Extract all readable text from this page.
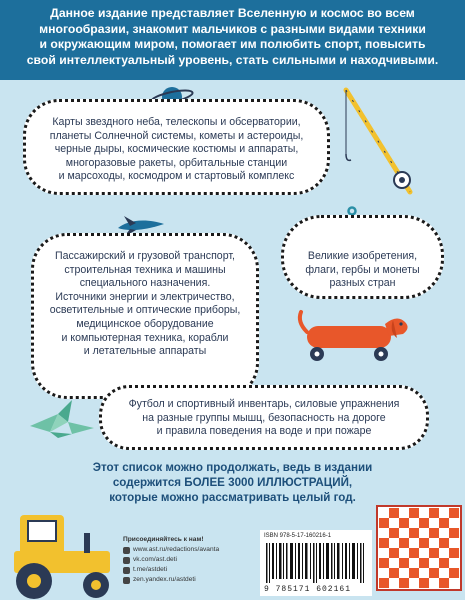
Данное издание представляет Вселенную и космос во всем
многообразии, знакомит мальчиков с разными видами техники
и окружающим миром, помогает им полюбить спорт, повысить
свой интеллектуальный уровень, стать сильными и находчивыми.
Карты звездного неба, телескопы и обсерватории,
планеты Солнечной системы, кометы и астероиды,
черные дыры, космические костюмы и аппараты,
многоразовые ракеты, орбитальные станции
и марсоходы, космодром и стартовый комплекс
Великие изобретения,
флаги, гербы и монеты
разных стран
Пассажирский и грузовой транспорт,
строительная техника и машины
специального назначения.
Источники энергии и электричество,
осветительные и оптические приборы,
медицинское оборудование
и компьютерная техника, корабли
и летательные аппараты
Футбол и спортивный инвентарь, силовые упражнения
на разные группы мышц, безопасность на дороге
и правила поведения на воде и при пожаре
Этот список можно продолжать, ведь в издании
содержится БОЛЕЕ 3000 ИЛЛЮСТРАЦИЙ,
которые можно рассматривать целый год.
Присоединяйтесь к нам!
www.ast.ru/redactions/avanta
vk.com/ast.deti
t.me/astdeti
zen.yandex.ru/astdeti
ISBN 978-5-17-160216-1
9 785171 602161
